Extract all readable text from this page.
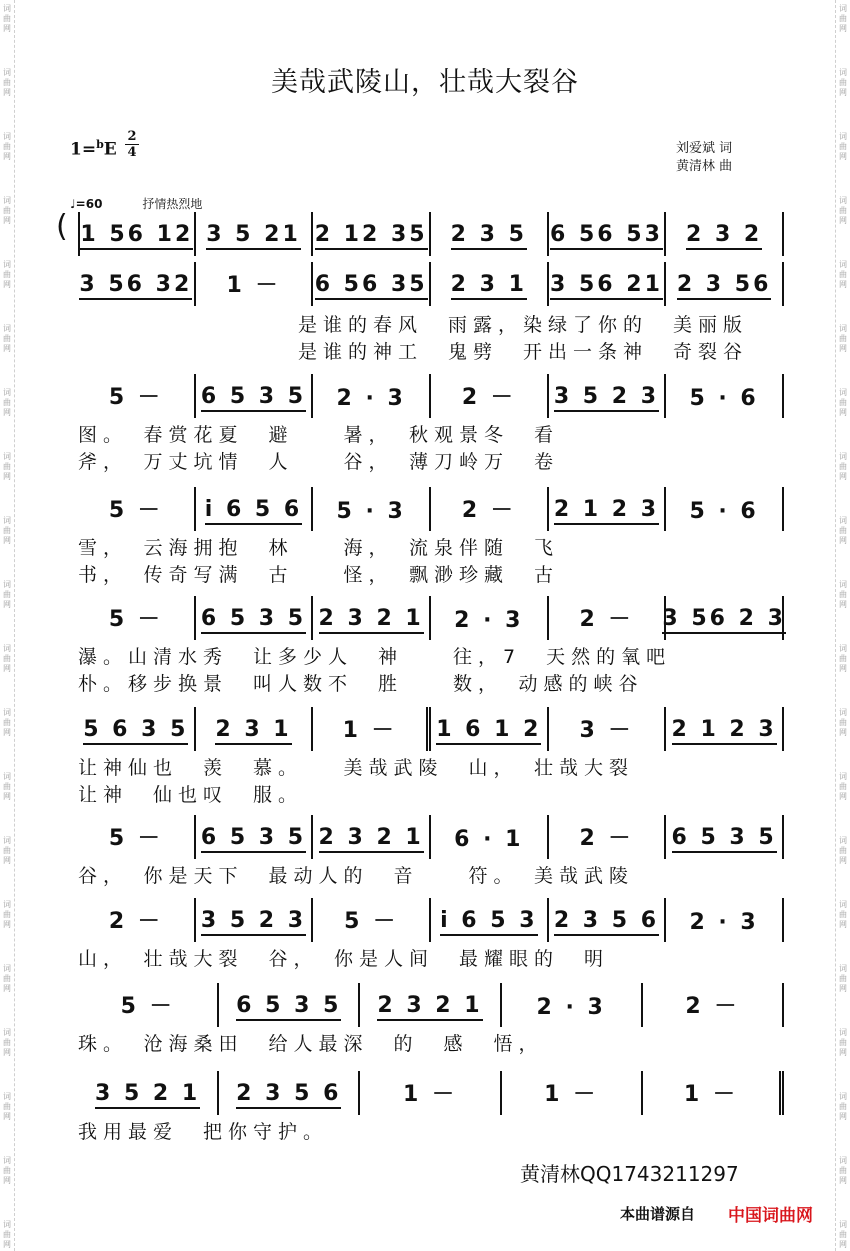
词曲网
词曲网
词曲网
词曲网
词曲网
词曲网
词曲网
词曲网
词曲网
词曲网
词曲网
词曲网
词曲网
词曲网
词曲网
词曲网
词曲网
词曲网
词曲网
词曲网
词曲网
词曲网
词曲网
词曲网
词曲网
词曲网
词曲网
词曲网
词曲网
词曲网
词曲网
词曲网
词曲网
词曲网
词曲网
词曲网
词曲网
词曲网
词曲网
词曲网
美哉武陵山，壮哉大裂谷
1=$^b$E
2
4	刘爱斌 词
黄清林 曲
♩=60	抒情热烈地
( 1 56 12 3 5 21 2 12 35 2 3 5 6 56 53 2 3 2
3 56 32 1 － 6 56 35 2 3 1 3 56 21 2 3 56
是谁的春风　雨露，染绿了你的　美丽版
是谁的神工　鬼劈　开出一条神　奇裂谷
5 － 6 5 3 5 2 · 3	2 － 3 5 2 3 5 · 6
图。　春赏花夏　避　　暑，　秋观景冬　看
斧，　万丈坑情　人　　谷，　薄刀岭万　卷
5 － i 6 5 6 5 · 3	2 － 2 1 2 3 5 · 6
雪，　云海拥抱　林　　海，　流泉伴随　飞
书，　传奇写满　古　　怪，　飘渺珍藏　古
5 － 6 5 3 5 2 3 2 1 2 · 3	2 － 3 56 2 3
瀑。山清水秀　让多少人　神　　往，7　天然的氧吧
朴。移步换景　叫人数不　胜　　数，　动感的峡谷
5 6 3 5 2 3 1 1 － 1 6 1 2 3 － 2 1 2 3
让神仙也　羡　慕。　　美哉武陵　山，　壮哉大裂
让神　仙也叹　服。
5 － 6 5 3 5 2 3 2 1 6 · 1	2 － 6 5 3 5
谷，　你是天下　最动人的　音　　符。　美哉武陵
2 － 3 5 2 3 5 － i 6 5 3 2 3 5 6 2 · 3
山，　壮哉大裂　谷，　你是人间　最耀眼的　明
5 －	6 5 3 5 2 3 2 1 2 · 3	2 －
珠。　沧海桑田　给人最深　的　感　悟，
3 5 2 1 2 3 5 6	1 －	1 －	1 －
我用最爱　把你守护。
黄清林QQ1743211297
本曲谱源自 中国词曲网
